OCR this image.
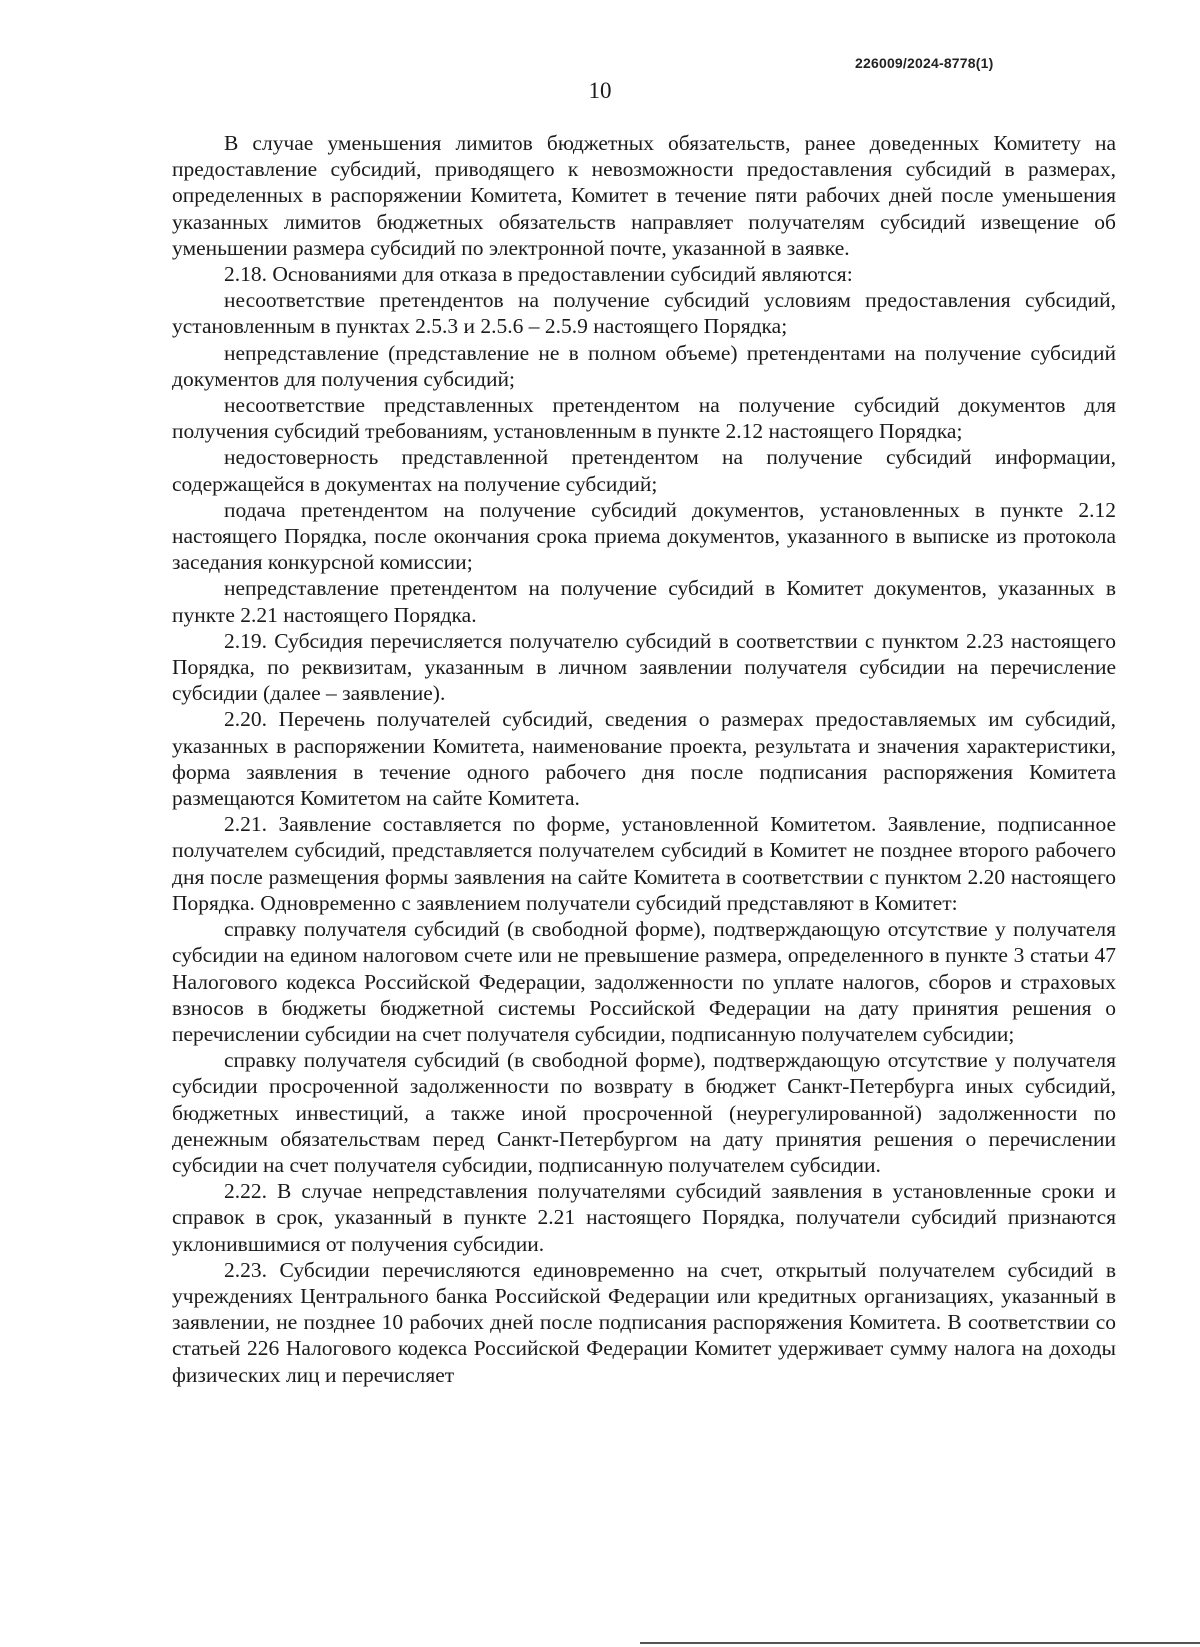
226009/2024-8778(1)
10

В случае уменьшения лимитов бюджетных обязательств, ранее доведенных Комитету на предоставление субсидий, приводящего к невозможности предоставления субсидий в размерах, определенных в распоряжении Комитета, Комитет в течение пяти рабочих дней после уменьшения указанных лимитов бюджетных обязательств направляет получателям субсидий извещение об уменьшении размера субсидий по электронной почте, указанной в заявке.

2.18. Основаниями для отказа в предоставлении субсидий являются:

несоответствие претендентов на получение субсидий условиям предоставления субсидий, установленным в пунктах 2.5.3 и 2.5.6 – 2.5.9 настоящего Порядка;

непредставление (представление не в полном объеме) претендентами на получение субсидий документов для получения субсидий;

несоответствие представленных претендентом на получение субсидий документов для получения субсидий требованиям, установленным в пункте 2.12 настоящего Порядка;

недостоверность представленной претендентом на получение субсидий информации, содержащейся в документах на получение субсидий;

подача претендентом на получение субсидий документов, установленных в пункте 2.12 настоящего Порядка, после окончания срока приема документов, указанного в выписке из протокола заседания конкурсной комиссии;

непредставление претендентом на получение субсидий в Комитет документов, указанных в пункте 2.21 настоящего Порядка.

2.19. Субсидия перечисляется получателю субсидий в соответствии с пунктом 2.23 настоящего Порядка, по реквизитам, указанным в личном заявлении получателя субсидии на перечисление субсидии (далее – заявление).

2.20. Перечень получателей субсидий, сведения о размерах предоставляемых им субсидий, указанных в распоряжении Комитета, наименование проекта, результата и значения характеристики, форма заявления в течение одного рабочего дня после подписания распоряжения Комитета размещаются Комитетом на сайте Комитета.

2.21. Заявление составляется по форме, установленной Комитетом. Заявление, подписанное получателем субсидий, представляется получателем субсидий в Комитет не позднее второго рабочего дня после размещения формы заявления на сайте Комитета в соответствии с пунктом 2.20 настоящего Порядка. Одновременно с заявлением получатели субсидий представляют в Комитет:

справку получателя субсидий (в свободной форме), подтверждающую отсутствие у получателя субсидии на едином налоговом счете или не превышение размера, определенного в пункте 3 статьи 47 Налогового кодекса Российской Федерации, задолженности по уплате налогов, сборов и страховых взносов в бюджеты бюджетной системы Российской Федерации на дату принятия решения о перечислении субсидии на счет получателя субсидии, подписанную получателем субсидии;

справку получателя субсидий (в свободной форме), подтверждающую отсутствие у получателя субсидии просроченной задолженности по возврату в бюджет Санкт-Петербурга иных субсидий, бюджетных инвестиций, а также иной просроченной (неурегулированной) задолженности по денежным обязательствам перед Санкт-Петербургом на дату принятия решения о перечислении субсидии на счет получателя субсидии, подписанную получателем субсидии.

2.22. В случае непредставления получателями субсидий заявления в установленные сроки и справок в срок, указанный в пункте 2.21 настоящего Порядка, получатели субсидий признаются уклонившимися от получения субсидии.

2.23. Субсидии перечисляются единовременно на счет, открытый получателем субсидий в учреждениях Центрального банка Российской Федерации или кредитных организациях, указанный в заявлении, не позднее 10 рабочих дней после подписания распоряжения Комитета. В соответствии со статьей 226 Налогового кодекса Российской Федерации Комитет удерживает сумму налога на доходы физических лиц и перечисляет
